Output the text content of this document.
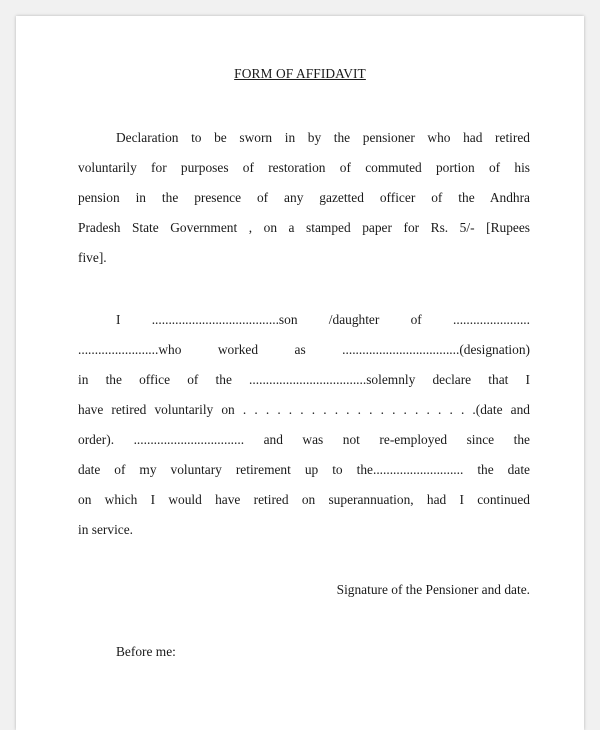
FORM OF AFFIDAVIT
Declaration to be sworn in by the pensioner who had retired
voluntarily for purposes of restoration of commuted portion of his
pension in the presence of any gazetted officer of the Andhra
Pradesh State Government , on a stamped paper for Rs. 5/- [Rupees
five].
I ......................................son /daughter of .......................
........................who worked as ...................................(designation)
in the office of the ...................................solemnly declare that I
have retired voluntarily on . . . . . . . . . . . . . . . . . . . . .(date and
order). ................................. and was not re-employed since the
date of my voluntary retirement up to the........................... the date
on which I would have retired on superannuation, had I continued
in service.
Signature of the Pensioner and date.
Before me:
